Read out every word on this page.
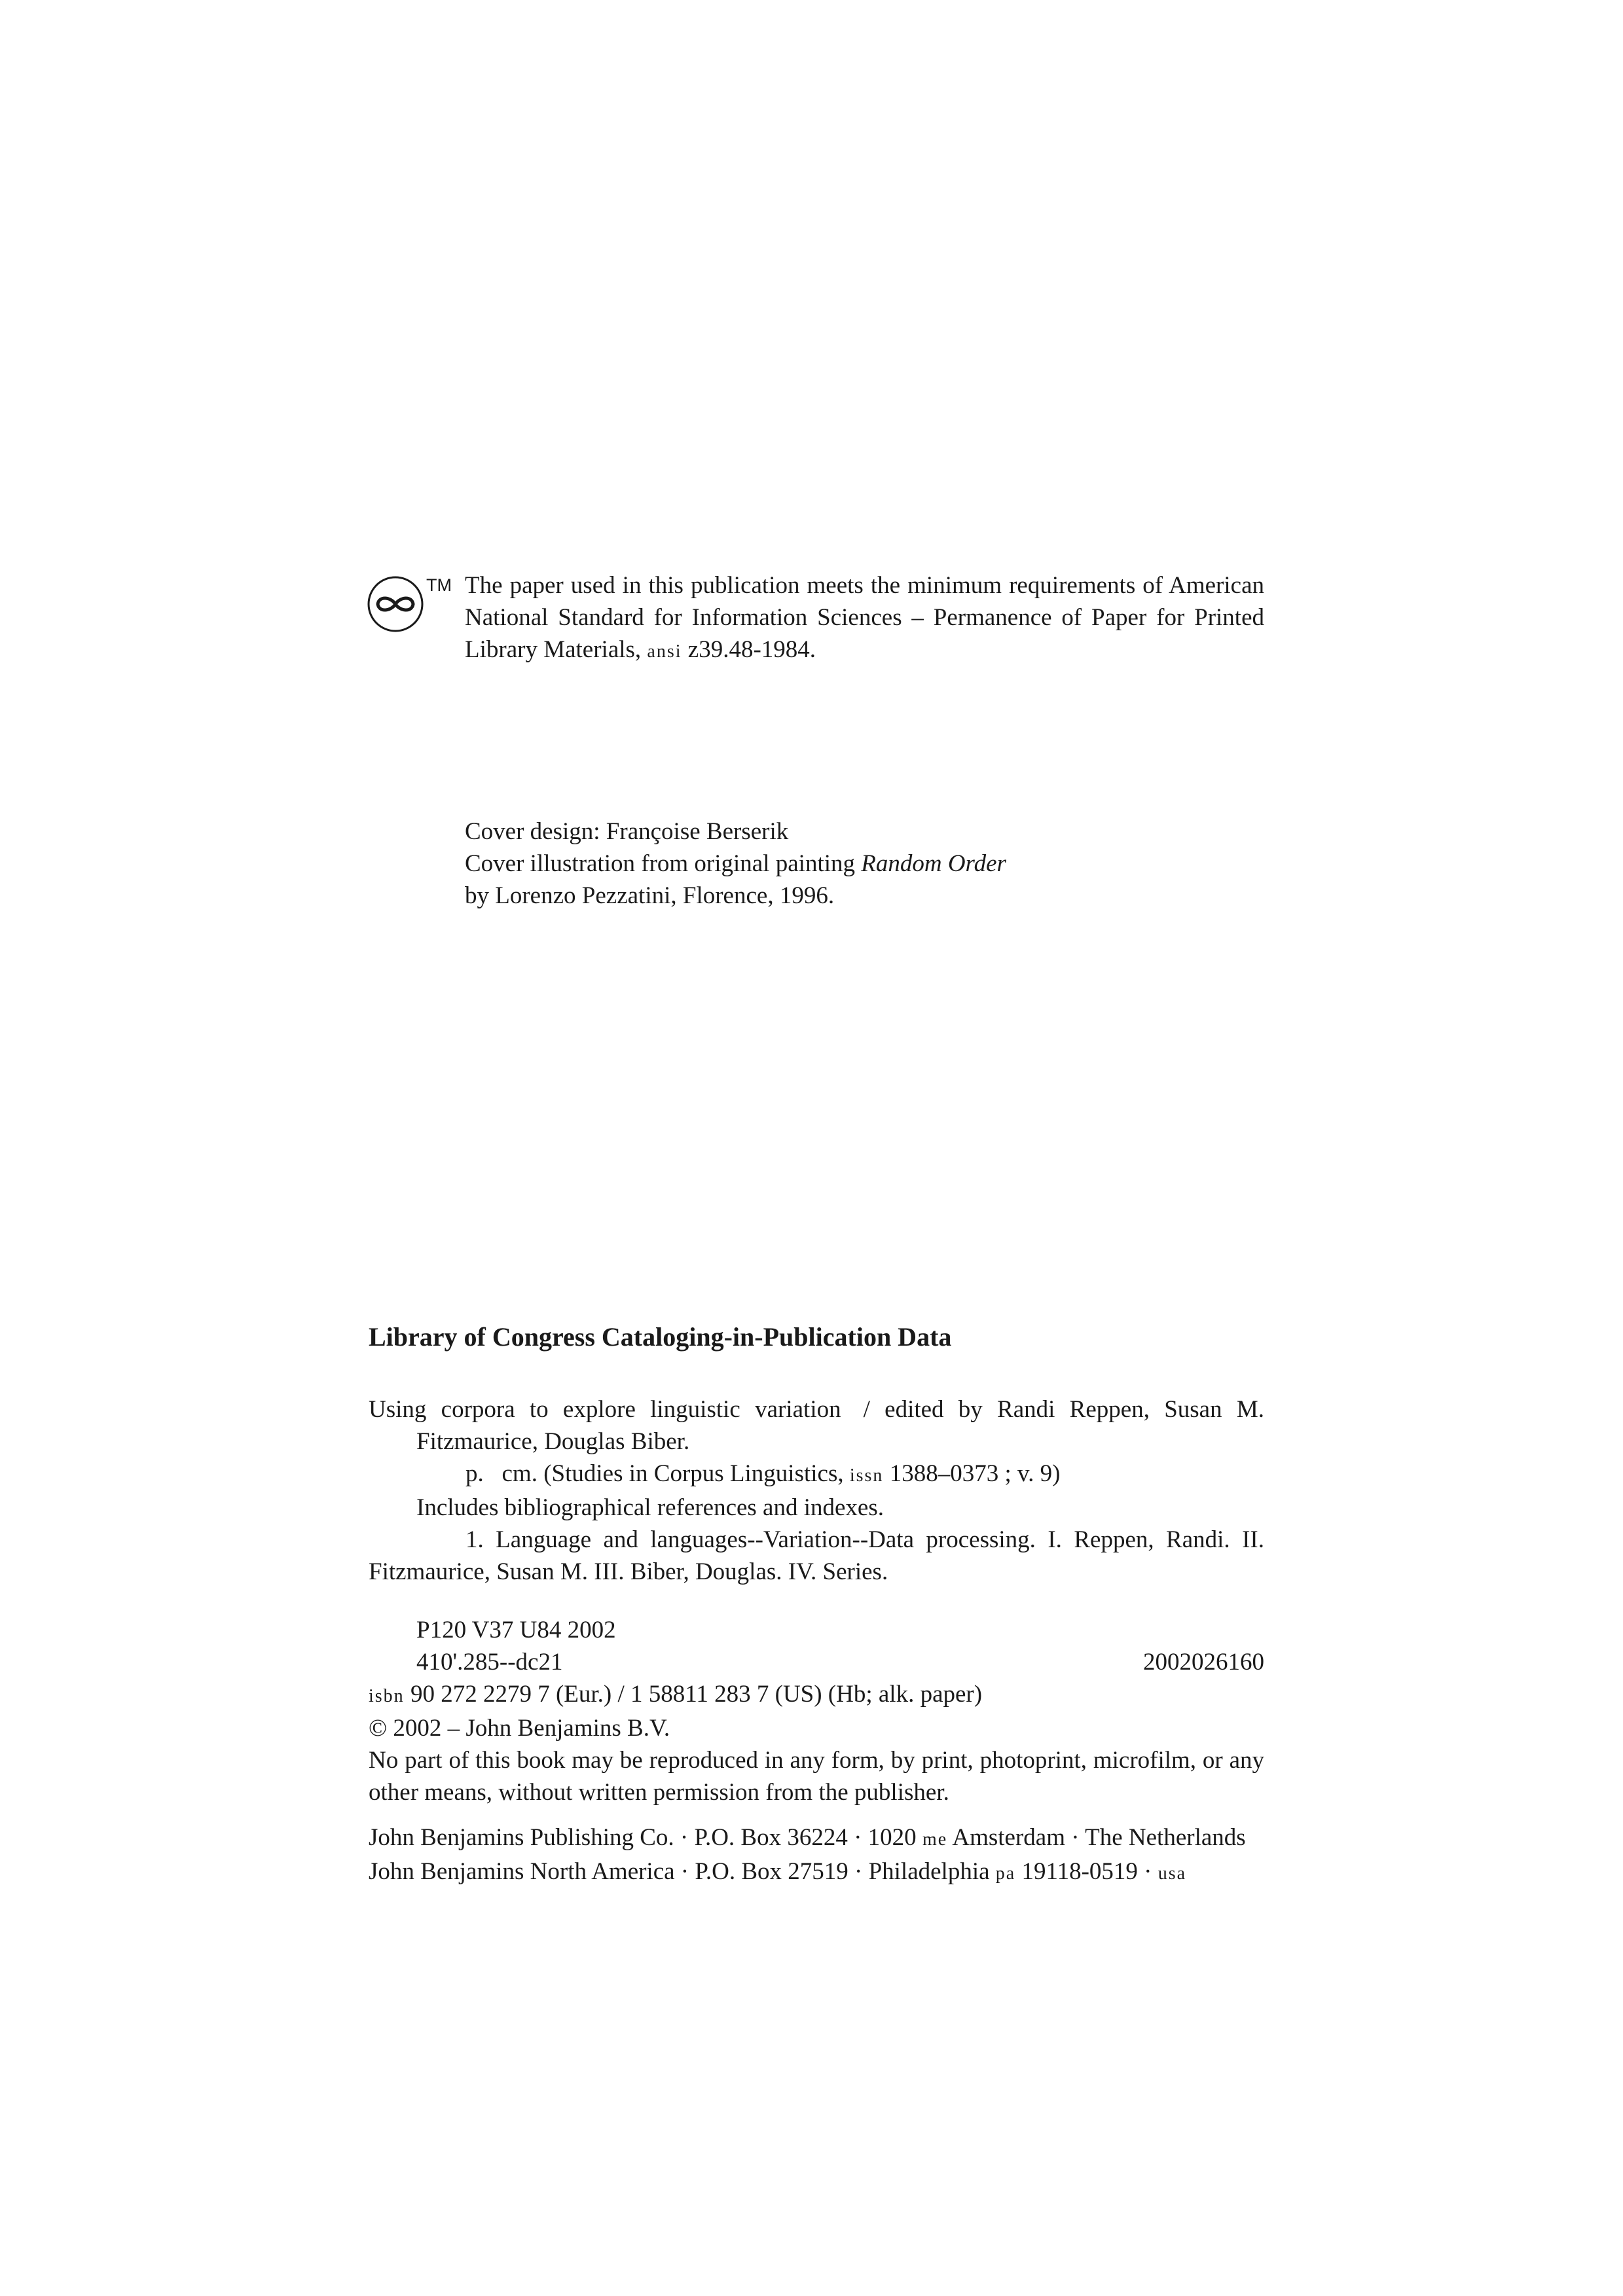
TM The paper used in this publication meets the minimum requirements of American National Standard for Information Sciences – Permanence of Paper for Printed Library Materials, ansi z39.48-1984.
Cover design: Françoise Berserik
Cover illustration from original painting Random Order
by Lorenzo Pezzatini, Florence, 1996.
Library of Congress Cataloging-in-Publication Data
Using corpora to explore linguistic variation / edited by Randi Reppen, Susan M. Fitzmaurice, Douglas Biber.
p.   cm. (Studies in Corpus Linguistics, issn 1388–0373 ; v. 9)
Includes bibliographical references and indexes.
1. Language and languages--Variation--Data processing. I. Reppen, Randi. II. Fitzmaurice, Susan M. III. Biber, Douglas. IV. Series.
P120 V37 U84 2002
410'.285--dc21	2002026160
isbn 90 272 2279 7 (Eur.) / 1 58811 283 7 (US) (Hb; alk. paper)
© 2002 – John Benjamins B.V.
No part of this book may be reproduced in any form, by print, photoprint, microfilm, or any other means, without written permission from the publisher.
John Benjamins Publishing Co. · P.O. Box 36224 · 1020 me Amsterdam · The Netherlands
John Benjamins North America · P.O. Box 27519 · Philadelphia pa 19118-0519 · usa
